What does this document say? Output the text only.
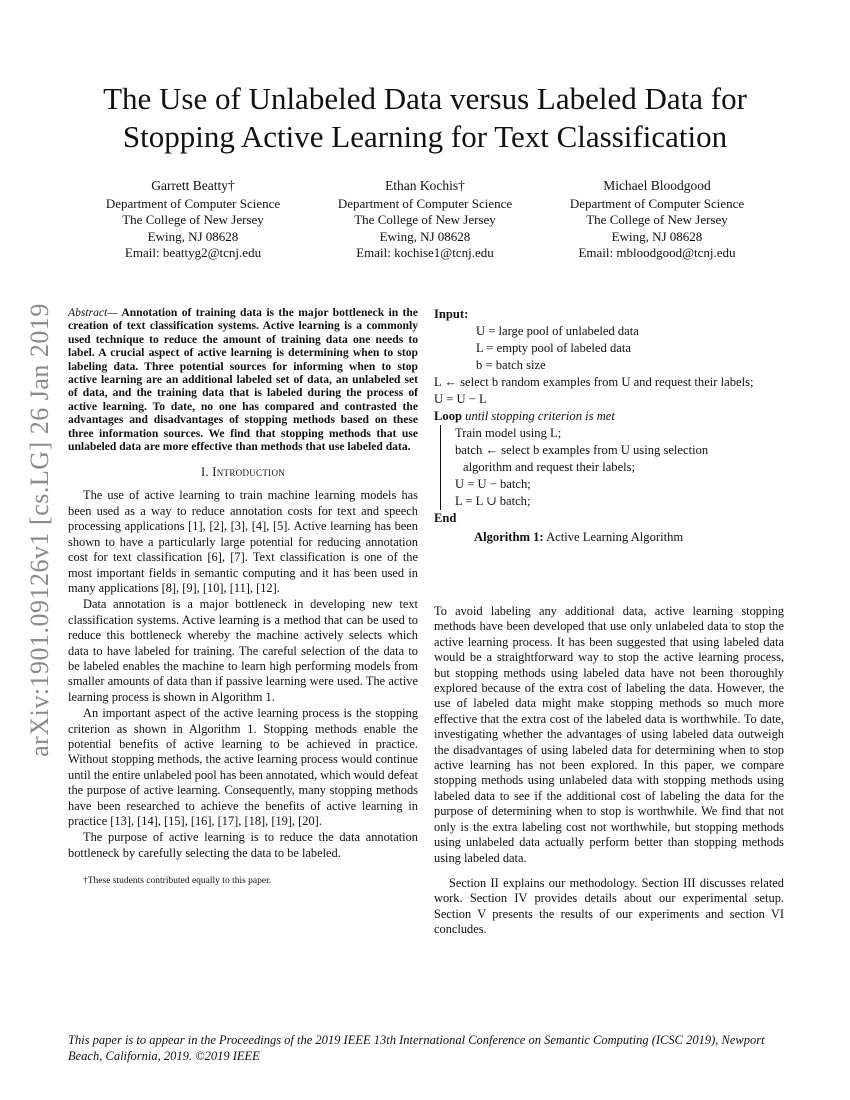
arXiv:1901.09126v1 [cs.LG] 26 Jan 2019
The Use of Unlabeled Data versus Labeled Data for
Stopping Active Learning for Text Classification
Garrett Beatty†
Department of Computer Science
The College of New Jersey
Ewing, NJ 08628
Email: beattyg2@tcnj.edu
Ethan Kochis†
Department of Computer Science
The College of New Jersey
Ewing, NJ 08628
Email: kochise1@tcnj.edu
Michael Bloodgood
Department of Computer Science
The College of New Jersey
Ewing, NJ 08628
Email: mbloodgood@tcnj.edu

Abstract— Annotation of training data is the major bottleneck in the creation of text classification systems. Active learning is a commonly used technique to reduce the amount of training data one needs to label. A crucial aspect of active learning is determining when to stop labeling data. Three potential sources for informing when to stop active learning are an additional labeled set of data, an unlabeled set of data, and the training data that is labeled during the process of active learning. To date, no one has compared and contrasted the advantages and disadvantages of stopping methods based on these three information sources. We find that stopping methods that use unlabeled data are more effective than methods that use labeled data.

I. Introduction

The use of active learning to train machine learning models has been used as a way to reduce annotation costs for text and speech processing applications [1], [2], [3], [4], [5]. Active learning has been shown to have a particularly large potential for reducing annotation cost for text classification [6], [7]. Text classification is one of the most important fields in semantic computing and it has been used in many applications [8], [9], [10], [11], [12].

Data annotation is a major bottleneck in developing new text classification systems. Active learning is a method that can be used to reduce this bottleneck whereby the machine actively selects which data to have labeled for training. The careful selection of the data to be labeled enables the machine to learn high performing models from smaller amounts of data than if passive learning were used. The active learning process is shown in Algorithm 1.

An important aspect of the active learning process is the stopping criterion as shown in Algorithm 1. Stopping methods enable the potential benefits of active learning to be achieved in practice. Without stopping methods, the active learning process would continue until the entire unlabeled pool has been annotated, which would defeat the purpose of active learning. Consequently, many stopping methods have been researched to achieve the benefits of active learning in practice [13], [14], [15], [16], [17], [18], [19], [20].

The purpose of active learning is to reduce the data annotation bottleneck by carefully selecting the data to be labeled.

†These students contributed equally to this paper.
Input:
U = large pool of unlabeled data
L = empty pool of labeled data
b = batch size
L ← select b random examples from U and request their labels;
U = U − L
Loop until stopping criterion is met
Train model using L;
batch ← select b examples from U using selection
algorithm and request their labels;
U = U − batch;
L = L ∪ batch;
End
Algorithm 1: Active Learning Algorithm

To avoid labeling any additional data, active learning stopping methods have been developed that use only unlabeled data to stop the active learning process. It has been suggested that using labeled data would be a straightforward way to stop the active learning process, but stopping methods using labeled data have not been thoroughly explored because of the extra cost of labeling the data. However, the use of labeled data might make stopping methods so much more effective that the extra cost of the labeled data is worthwhile. To date, investigating whether the advantages of using labeled data outweigh the disadvantages of using labeled data for determining when to stop active learning has not been explored. In this paper, we compare stopping methods using unlabeled data with stopping methods using labeled data to see if the additional cost of labeling the data for the purpose of determining when to stop is worthwhile. We find that not only is the extra labeling cost not worthwhile, but stopping methods using unlabeled data actually perform better than stopping methods using labeled data.

Section II explains our methodology. Section III discusses related work. Section IV provides details about our experimental setup. Section V presents the results of our experiments and section VI concludes.

This paper is to appear in the Proceedings of the 2019 IEEE 13th International Conference on Semantic Computing (ICSC 2019), Newport Beach, California, 2019. ©2019 IEEE
